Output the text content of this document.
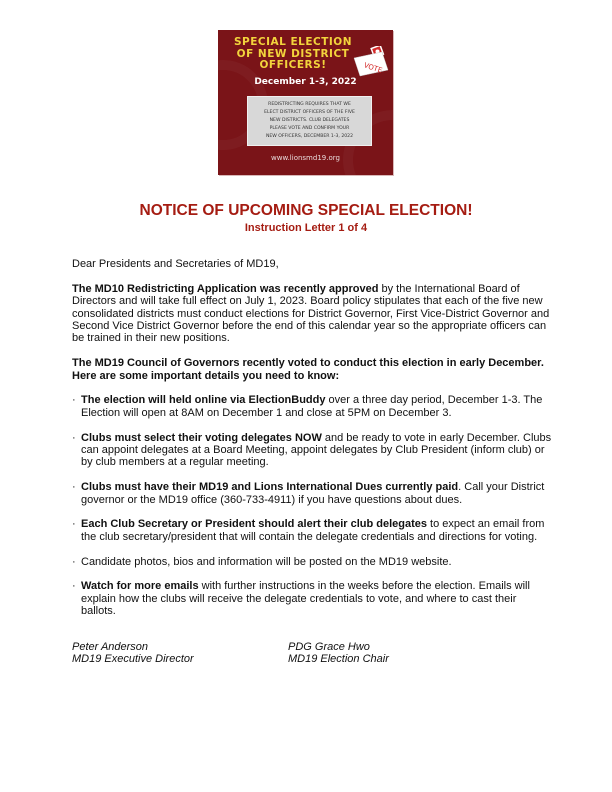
SPECIAL ELECTION
OF NEW DISTRICT
OFFICERS!	VOTE
December 1-3, 2022
REDISTRICTING REQUIRES THAT WE
ELECT DISTRICT OFFICERS OF THE FIVE
NEW DISTRICTS. CLUB DELEGATES
PLEASE VOTE AND CONFIRM YOUR
NEW OFFICERS, DECEMBER 1-3, 2022
www.lionsmd19.org
NOTICE OF UPCOMING SPECIAL ELECTION!
Instruction Letter 1 of 4

Dear Presidents and Secretaries of MD19,

The MD10 Redistricting Application was recently approved by the International Board of Directors and will take full effect on July 1, 2023. Board policy stipulates that each of the five new consolidated districts must conduct elections for District Governor, First Vice-District Governor and Second Vice District Governor before the end of this calendar year so the appropriate officers can be trained in their new positions.

The MD19 Council of Governors recently voted to conduct this election in early December. Here are some important details you need to know:

· The election will held online via ElectionBuddy over a three day period, December 1-3. The Election will open at 8AM on December 1 and close at 5PM on December 3.
· Clubs must select their voting delegates NOW and be ready to vote in early December. Clubs can appoint delegates at a Board Meeting, appoint delegates by Club President (inform club) or by club members at a regular meeting.
· Clubs must have their MD19 and Lions International Dues currently paid. Call your District governor or the MD19 office (360-733-4911) if you have questions about dues.
· Each Club Secretary or President should alert their club delegates to expect an email from the club secretary/president that will contain the delegate credentials and directions for voting.
· Candidate photos, bios and information will be posted on the MD19 website.
· Watch for more emails with further instructions in the weeks before the election. Emails will explain how the clubs will receive the delegate credentials to vote, and where to cast their ballots.
Peter Anderson
MD19 Executive Director
PDG Grace Hwo
MD19 Election Chair
